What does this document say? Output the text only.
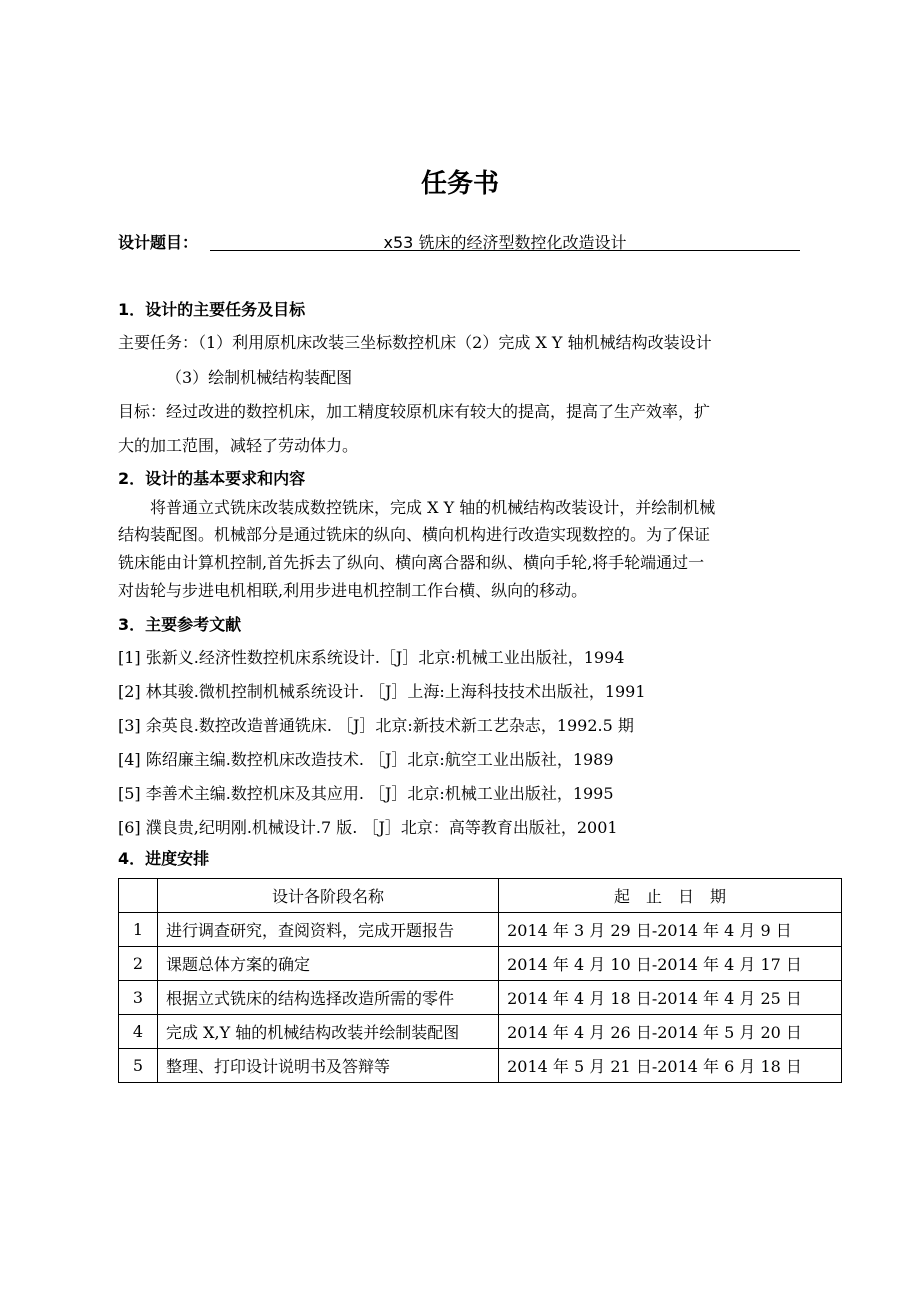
任务书
设计题目：	x53 铣床的经济型数控化改造设计
1．设计的主要任务及目标
主要任务：（1）利用原机床改装三坐标数控机床（2）完成 X Y 轴机械结构改装设计
（3）绘制机械结构装配图
目标：经过改进的数控机床，加工精度较原机床有较大的提高，提高了生产效率，扩
大的加工范围，减轻了劳动体力。
2．设计的基本要求和内容
将普通立式铣床改装成数控铣床，完成 X Y 轴的机械结构改装设计，并绘制机械
结构装配图。机械部分是通过铣床的纵向、横向机构进行改造实现数控的。为了保证
铣床能由计算机控制,首先拆去了纵向、横向离合器和纵、横向手轮,将手轮端通过一
对齿轮与步进电机相联,利用步进电机控制工作台横、纵向的移动。
3．主要参考文献
[1] 张新义.经济性数控机床系统设计.［J］北京:机械工业出版社，1994
[2] 林其骏.微机控制机械系统设计. ［J］上海:上海科技技术出版社，1991
[3] 余英良.数控改造普通铣床. ［J］北京:新技术新工艺杂志，1992.5 期
[4] 陈绍廉主编.数控机床改造技术. ［J］北京:航空工业出版社，1989
[5] 李善术主编.数控机床及其应用. ［J］北京:机械工业出版社，1995
[6] 濮良贵,纪明刚.机械设计.7 版. ［J］北京：高等教育出版社，2001
4．进度安排
	设计各阶段名称	起　止　日　期
1	进行调查研究，查阅资料，完成开题报告	2014 年 3 月 29 日-2014 年 4 月 9 日
2	课题总体方案的确定	2014 年 4 月 10 日-2014 年 4 月 17 日
3	根据立式铣床的结构选择改造所需的零件	2014 年 4 月 18 日-2014 年 4 月 25 日
4	完成 X,Y 轴的机械结构改装并绘制装配图	2014 年 4 月 26 日-2014 年 5 月 20 日
5	整理、打印设计说明书及答辩等	2014 年 5 月 21 日-2014 年 6 月 18 日
